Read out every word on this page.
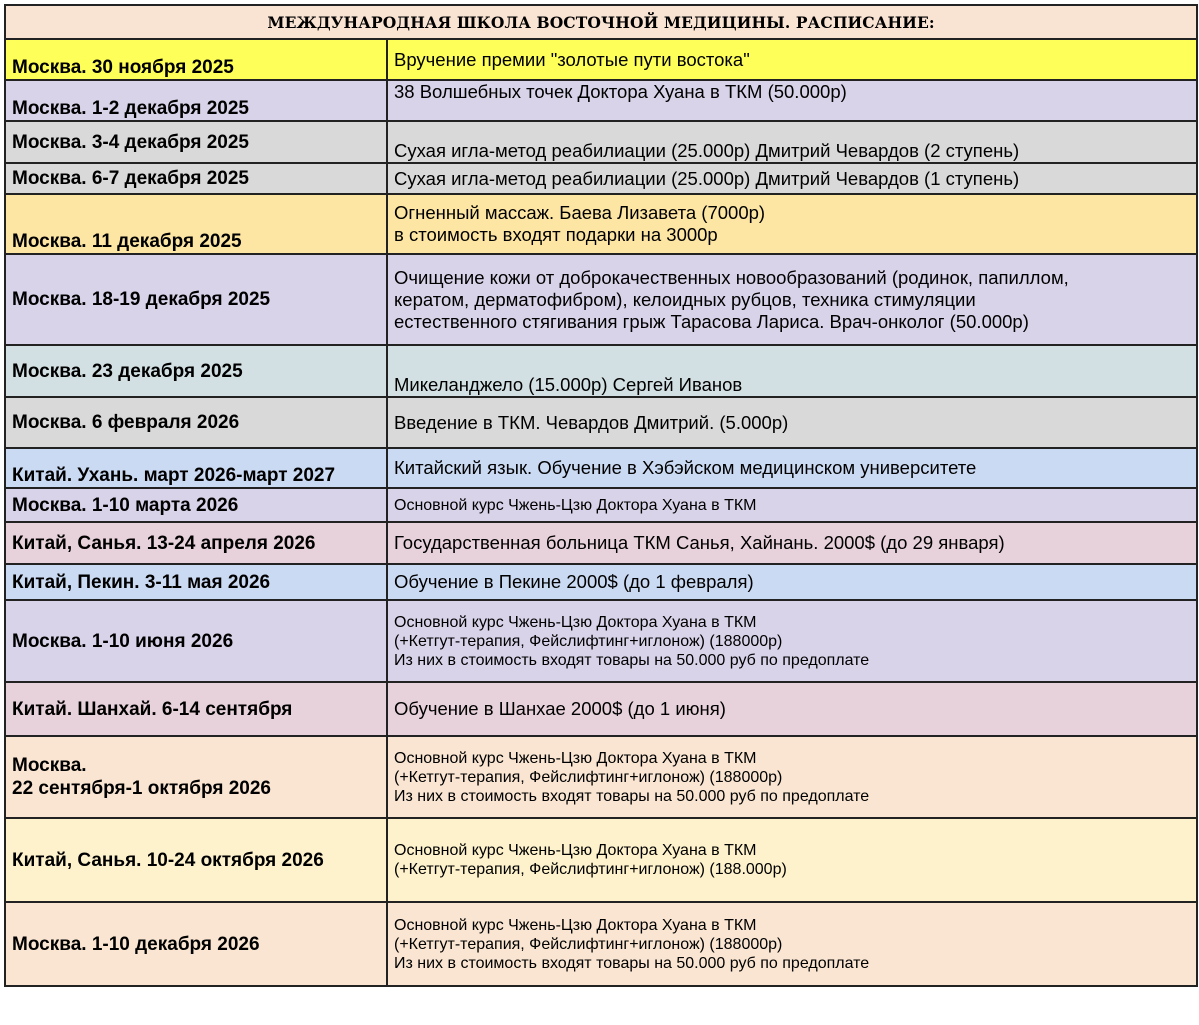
МЕЖДУНАРОДНАЯ ШКОЛА ВОСТОЧНОЙ МЕДИЦИНЫ. РАСПИСАНИЕ:	

Москва. 30 ноября 2025	Вручение премии "золотые пути востока"

Москва. 1-2 декабря 2025	38 Волшебных точек Доктора Хуана в ТКМ (50.000р)

Москва. 3-4 декабря 2025	Сухая игла-метод реабилиации (25.000р) Дмитрий Чевардов (2 ступень)

Москва. 6-7 декабря 2025	Сухая игла-метод реабилиации (25.000р) Дмитрий Чевардов (1 ступень)

Москва. 11 декабря 2025	Огненный массаж. Баева Лизавета (7000р)
в стоимость входят подарки на 3000р

Москва. 18-19 декабря 2025	Очищение кожи от доброкачественных новообразований (родинок, папиллом,
кератом, дерматофибром), келоидных рубцов, техника стимуляции
естественного стягивания грыж Тарасова Лариса. Врач-онколог (50.000р)

Москва. 23 декабря 2025	Микеланджело (15.000р) Сергей Иванов

Москва. 6 февраля 2026	Введение в ТКМ. Чевардов Дмитрий. (5.000р)

Китай. Ухань. март 2026-март 2027	Китайский язык. Обучение в Хэбэйском медицинском университете

Москва. 1-10 марта 2026	Основной курс Чжень-Цзю Доктора Хуана в ТКМ

Китай, Санья. 13-24 апреля 2026	Государственная больница ТКМ Санья, Хайнань. 2000$ (до 29 января)

Китай, Пекин. 3-11 мая 2026	Обучение в Пекине 2000$ (до 1 февраля)

Москва. 1-10 июня 2026	Основной курс Чжень-Цзю Доктора Хуана в ТКМ
(+Кетгут-терапия, Фейслифтинг+иглонож) (188000р)
Из них в стоимость входят товары на 50.000 руб по предоплате

Китай. Шанхай. 6-14 сентября	Обучение в Шанхае 2000$ (до 1 июня)

Москва.
22 сентября-1 октября 2026	Основной курс Чжень-Цзю Доктора Хуана в ТКМ
(+Кетгут-терапия, Фейслифтинг+иглонож) (188000р)
Из них в стоимость входят товары на 50.000 руб по предоплате

Китай, Санья. 10-24 октября 2026	Основной курс Чжень-Цзю Доктора Хуана в ТКМ
(+Кетгут-терапия, Фейслифтинг+иглонож) (188.000р)

Москва. 1-10 декабря 2026	Основной курс Чжень-Цзю Доктора Хуана в ТКМ
(+Кетгут-терапия, Фейслифтинг+иглонож) (188000р)
Из них в стоимость входят товары на 50.000 руб по предоплате
